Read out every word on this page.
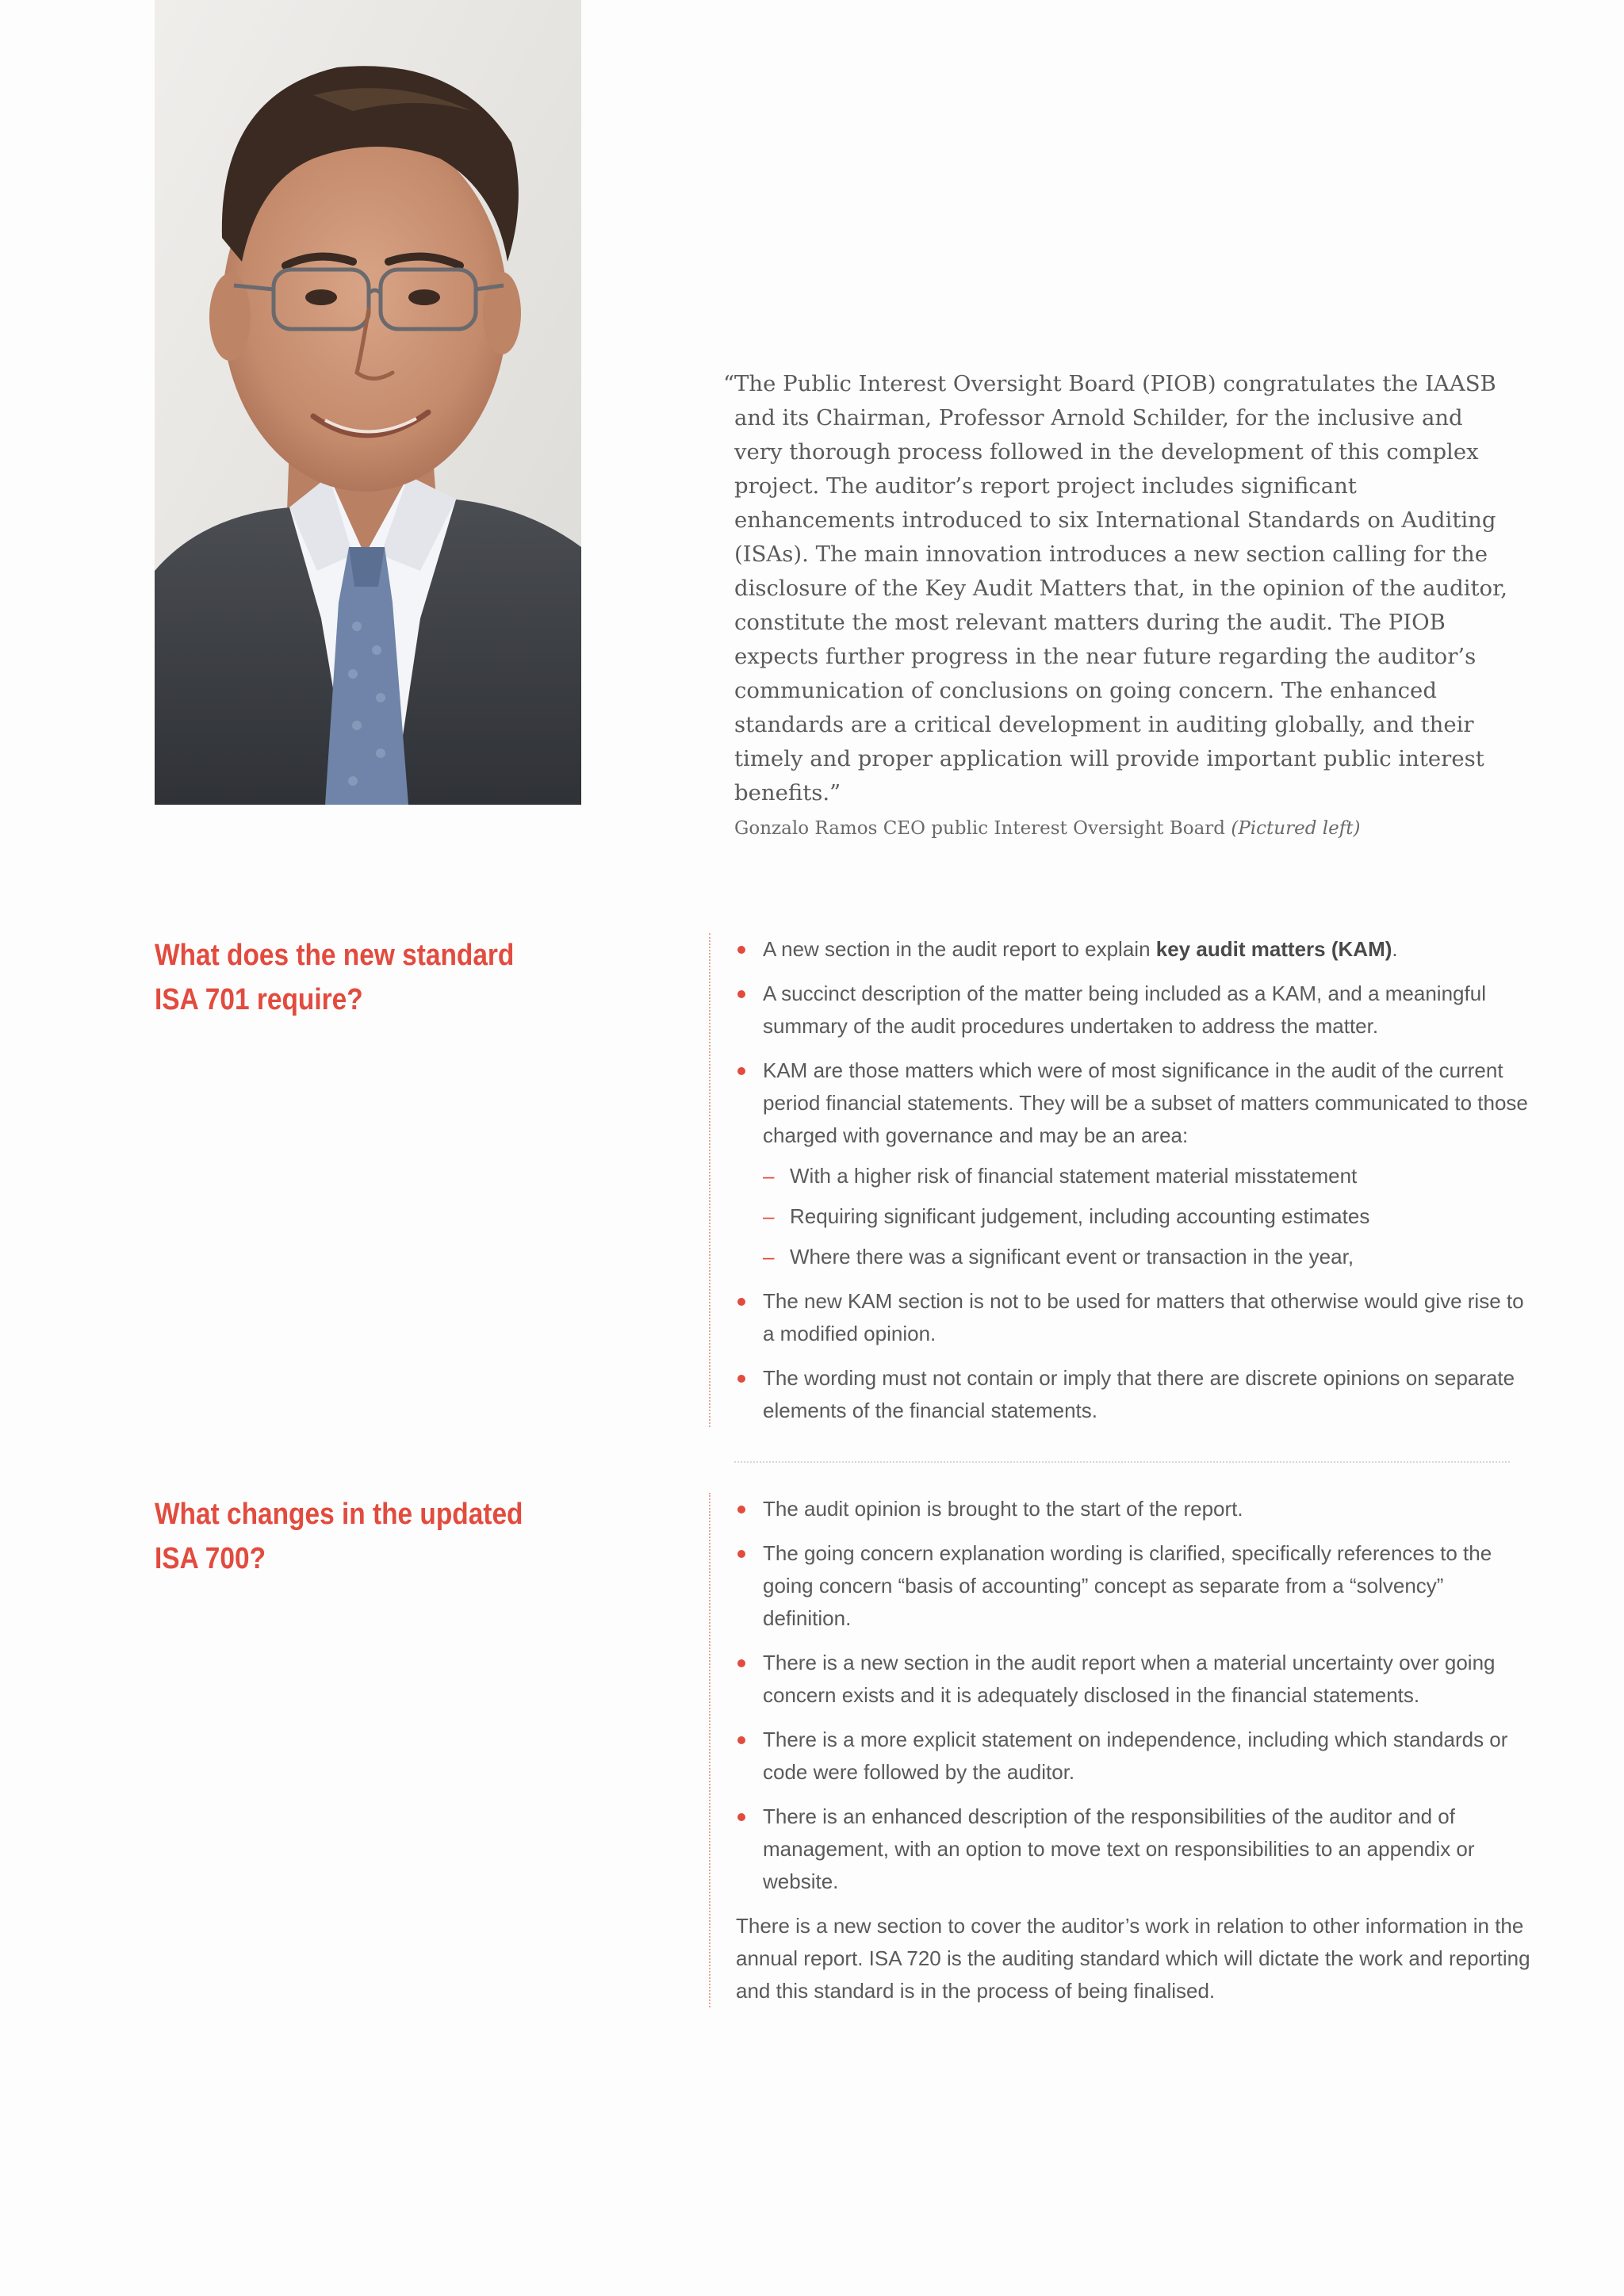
“The Public Interest Oversight Board (PIOB) congratulates the IAASB and its Chairman, Professor Arnold Schilder, for the inclusive and very thorough process followed in the development of this complex project. The auditor’s report project includes significant enhancements introduced to six International Standards on Auditing (ISAs). The main innovation introduces a new section calling for the disclosure of the Key Audit Matters that, in the opinion of the auditor, constitute the most relevant matters during the audit. The PIOB expects further progress in the near future regarding the auditor’s communication of conclusions on going concern. The enhanced standards are a critical development in auditing globally, and their timely and proper application will provide important public interest benefits.”

Gonzalo Ramos CEO public Interest Oversight Board (Pictured left)

What does the new standard
ISA 701 require?
A new section in the audit report to explain key audit matters (KAM).
A succinct description of the matter being included as a KAM, and a meaningful summary of the audit procedures undertaken to address the matter.
KAM are those matters which were of most significance in the audit of the current period financial statements. They will be a subset of matters communicated to those charged with governance and may be an area:
– With a higher risk of financial statement material misstatement
– Requiring significant judgement, including accounting estimates
– Where there was a significant event or transaction in the year,
The new KAM section is not to be used for matters that otherwise would give rise to a modified opinion.
The wording must not contain or imply that there are discrete opinions on separate elements of the financial statements.
What changes in the updated
ISA 700?
The audit opinion is brought to the start of the report.
The going concern explanation wording is clarified, specifically references to the going concern “basis of accounting” concept as separate from a “solvency” definition.
There is a new section in the audit report when a material uncertainty over going concern exists and it is adequately disclosed in the financial statements.
There is a more explicit statement on independence, including which standards or code were followed by the auditor.
There is an enhanced description of the responsibilities of the auditor and of management, with an option to move text on responsibilities to an appendix or website.

There is a new section to cover the auditor’s work in relation to other information in the annual report. ISA 720 is the auditing standard which will dictate the work and reporting and this standard is in the process of being finalised.
